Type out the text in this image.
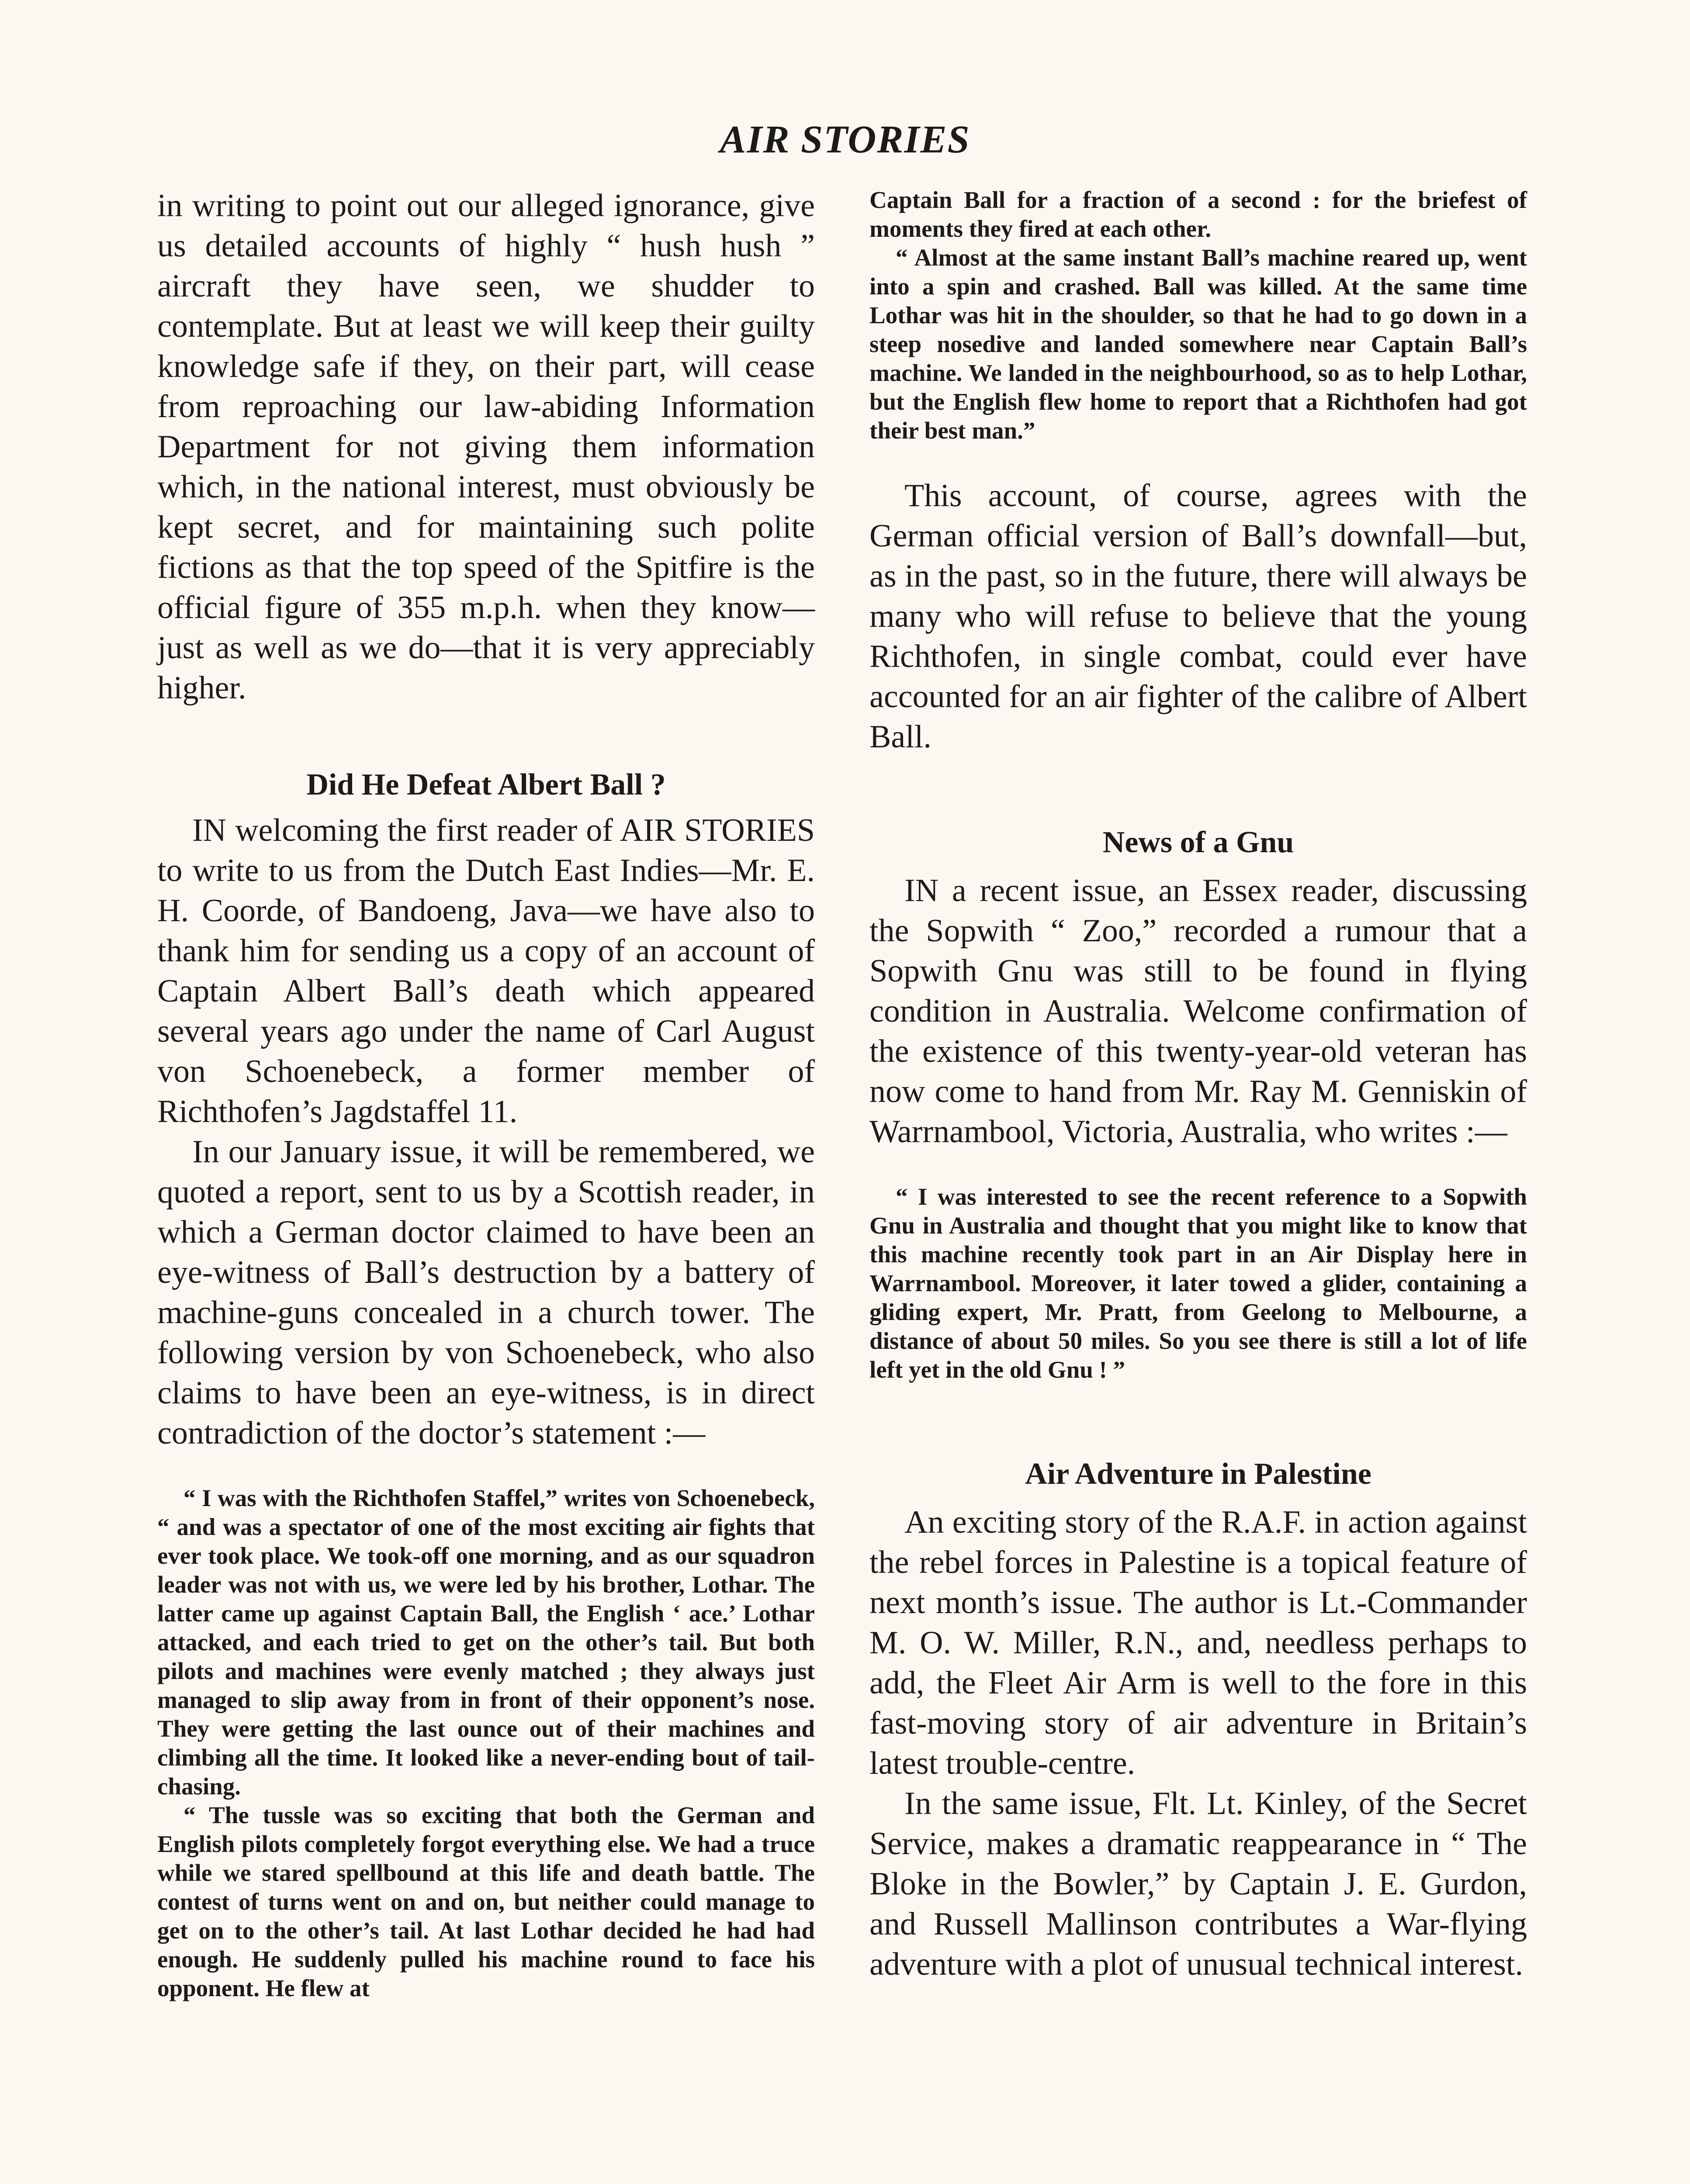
AIR STORIES

in writing to point out our alleged ignorance, give us detailed accounts of highly “ hush hush ” aircraft they have seen, we shudder to contemplate. But at least we will keep their guilty knowledge safe if they, on their part, will cease from reproaching our law-abiding Information Department for not giving them information which, in the national interest, must obviously be kept secret, and for maintaining such polite fictions as that the top speed of the Spitfire is the official figure of 355 m.p.h. when they know—just as well as we do—that it is very appreciably higher.

Did He Defeat Albert Ball ?

IN welcoming the first reader of AIR STORIES to write to us from the Dutch East Indies—Mr. E. H. Coorde, of Bandoeng, Java—we have also to thank him for sending us a copy of an account of Captain Albert Ball’s death which appeared several years ago under the name of Carl August von Schoenebeck, a former member of Richthofen’s Jagdstaffel 11.

In our January issue, it will be remembered, we quoted a report, sent to us by a Scottish reader, in which a German doctor claimed to have been an eye-witness of Ball’s destruction by a battery of machine-guns concealed in a church tower. The following version by von Schoenebeck, who also claims to have been an eye-witness, is in direct contradiction of the doctor’s statement :—

“ I was with the Richthofen Staffel,” writes von Schoenebeck, “ and was a spectator of one of the most exciting air fights that ever took place. We took-off one morning, and as our squadron leader was not with us, we were led by his brother, Lothar. The latter came up against Captain Ball, the English ‘ ace.’ Lothar attacked, and each tried to get on the other’s tail. But both pilots and machines were evenly matched ; they always just managed to slip away from in front of their opponent’s nose. They were getting the last ounce out of their machines and climbing all the time. It looked like a never-ending bout of tail-chasing.

“ The tussle was so exciting that both the German and English pilots completely forgot everything else. We had a truce while we stared spellbound at this life and death battle. The contest of turns went on and on, but neither could manage to get on to the other’s tail. At last Lothar decided he had had enough. He suddenly pulled his machine round to face his opponent. He flew at

Captain Ball for a fraction of a second : for the briefest of moments they fired at each other.

“ Almost at the same instant Ball’s machine reared up, went into a spin and crashed. Ball was killed. At the same time Lothar was hit in the shoulder, so that he had to go down in a steep nosedive and landed somewhere near Captain Ball’s machine. We landed in the neighbourhood, so as to help Lothar, but the English flew home to report that a Richthofen had got their best man.”

This account, of course, agrees with the German official version of Ball’s downfall—but, as in the past, so in the future, there will always be many who will refuse to believe that the young Richthofen, in single combat, could ever have accounted for an air fighter of the calibre of Albert Ball.

News of a Gnu

IN a recent issue, an Essex reader, discussing the Sopwith “ Zoo,” recorded a rumour that a Sopwith Gnu was still to be found in flying condition in Australia. Welcome confirmation of the existence of this twenty-year-old veteran has now come to hand from Mr. Ray M. Genniskin of Warrnambool, Victoria, Australia, who writes :—

“ I was interested to see the recent reference to a Sopwith Gnu in Australia and thought that you might like to know that this machine recently took part in an Air Display here in Warrnambool. Moreover, it later towed a glider, containing a gliding expert, Mr. Pratt, from Geelong to Melbourne, a distance of about 50 miles. So you see there is still a lot of life left yet in the old Gnu ! ”

Air Adventure in Palestine

An exciting story of the R.A.F. in action against the rebel forces in Palestine is a topical feature of next month’s issue. The author is Lt.-Commander M. O. W. Miller, R.N., and, needless perhaps to add, the Fleet Air Arm is well to the fore in this fast-moving story of air adventure in Britain’s latest trouble-centre.

In the same issue, Flt. Lt. Kinley, of the Secret Service, makes a dramatic reappearance in “ The Bloke in the Bowler,” by Captain J. E. Gurdon, and Russell Mallinson contributes a War-flying adventure with a plot of unusual technical interest.
